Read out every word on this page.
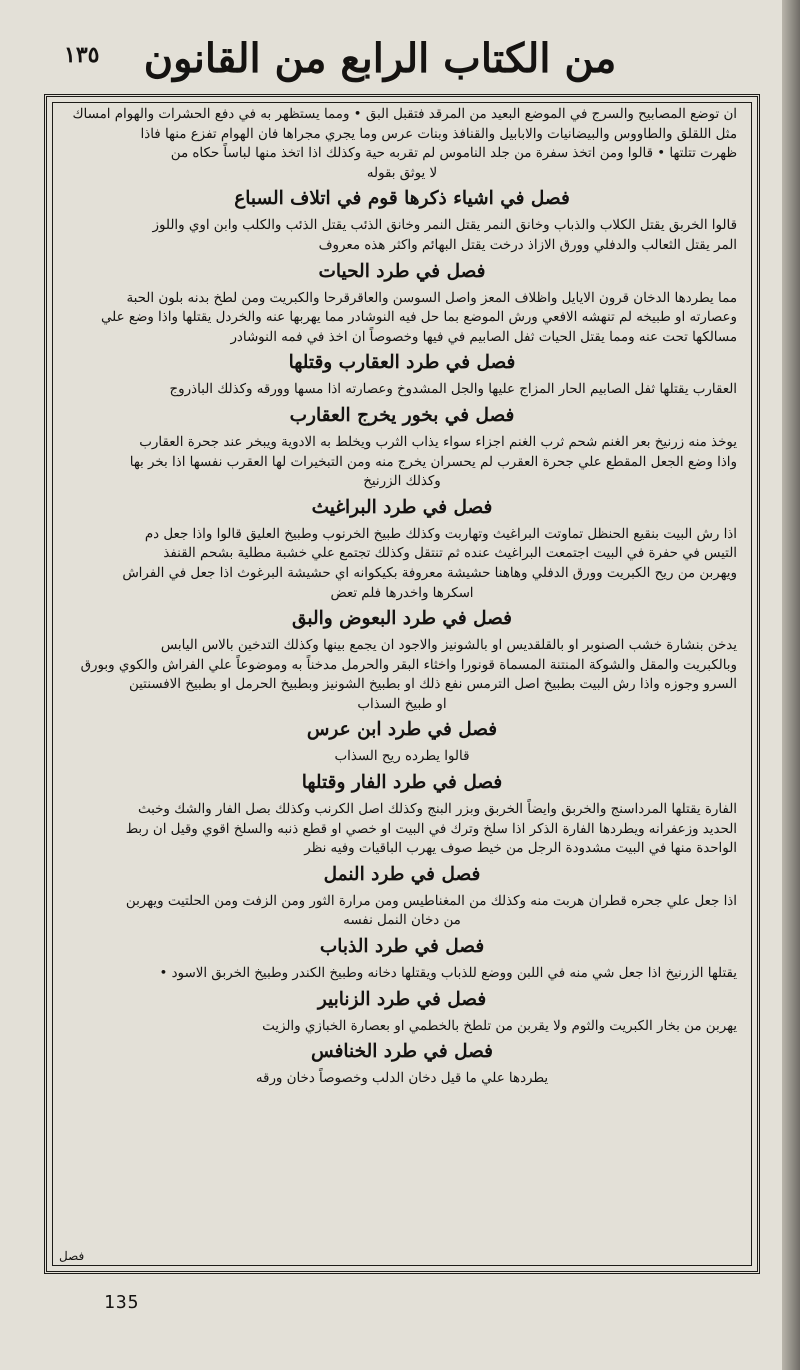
من الكتاب الرابع من القانون
١٣٥

ان توضع المصابيح والسرج في الموضع البعيد من المرقد فتقبل البق • ومما يستظهر به في دفع الحشرات والهوام امساك

مثل اللقلق والطاووس والبيضانيات والابابيل والقنافذ وبنات عرس وما يجري مجراها فان الهوام تفزع منها فاذا

ظهرت تتلتها • قالوا ومن اتخذ سفرة من جلد الناموس لم تقربه حية وكذلك اذا اتخذ منها لباساً حكاه من

لا يوثق بقوله

فصل في اشياء ذكرها قوم في اتلاف السباع

قالوا الخربق يقتل الكلاب والذباب وخانق النمر يقتل النمر وخانق الذئب يقتل الذئب والكلب وابن اوي واللوز

المر يقتل الثعالب والدفلي وورق الازاذ درخت يقتل البهائم واكثر هذه معروف

فصل في طرد الحيات

مما يطردها الدخان قرون الايايل واظلاف المعز واصل السوسن والعاقرقرحا والكبريت ومن لطخ بدنه بلون الحبة

وعصارته او طبيخه لم تنهشه الافعي ورش الموضع بما حل فيه النوشادر مما يهربها عنه والخردل يقتلها واذا وضع علي

مسالكها تحت عنه ومما يقتل الحيات ثفل الصابيم في فيها وخصوصاً ان اخذ في فمه النوشادر

فصل في طرد العقارب وقتلها

العقارب يقتلها ثفل الصابيم الحار المزاج عليها والجل المشدوخ وعصارته اذا مسها وورقه وكذلك الباذروج

فصل في بخور يخرج العقارب

يوخذ منه زرنيخ بعر الغنم شحم ثرب الغنم اجزاء سواء يذاب الثرب ويخلط به الادوية ويبخر عند جحرة العقارب

واذا وضع الجعل المقطع علي جحرة العقرب لم يحسران يخرج منه ومن التبخيرات لها العقرب نفسها اذا بخر بها

وكذلك الزرنيخ

فصل في طرد البراغيث

اذا رش البيت بنقيع الحنظل تماوتت البراغيث وتهاربت وكذلك طبيخ الخرنوب وطبيخ العليق قالوا واذا جعل دم

التيس في حفرة في البيت اجتمعت البراغيث عنده ثم تنتقل وكذلك تجتمع علي خشبة مطلية بشحم القنفذ

ويهربن من ريح الكبريت وورق الدفلي وهاهنا حشيشة معروفة بكيكوانه اي حشيشة البرغوث اذا جعل في الفراش

اسكرها واخدرها فلم تعض

فصل في طرد البعوض والبق

يدخن بنشارة خشب الصنوبر او بالقلقديس او بالشونيز والاجود ان يجمع بينها وكذلك التدخين بالاس اليابس

وبالكبريت والمقل والشوكة المنتنة المسماة قونورا واخثاء البقر والحرمل مدخناً به وموضوعاً علي الفراش والكوي وبورق

السرو وجوزه واذا رش البيت بطبيخ اصل الترمس نفع ذلك او بطبيخ الشونيز وبطبيخ الحرمل او بطبيخ الافسنتين

او طبيخ السذاب

فصل في طرد ابن عرس

قالوا يطرده ريح السذاب

فصل في طرد الفار وقتلها

الفارة يقتلها المرداسنج والخربق وايضاً الخربق وبزر البنج وكذلك اصل الكرنب وكذلك بصل الفار والشك وخبث

الحديد وزعفرانه ويطردها الفارة الذكر اذا سلخ وترك في البيت او خصي او قطع ذنبه والسلخ اقوي وقيل ان ربط

الواحدة منها في البيت مشدودة الرجل من خيط صوف يهرب الباقيات وفيه نظر

فصل في طرد النمل

اذا جعل علي جحره قطران هربت منه وكذلك من المغناطيس ومن مرارة الثور ومن الزفت ومن الحلتيت ويهربن

من دخان النمل نفسه

فصل في طرد الذباب

يقتلها الزرنيخ اذا جعل شي منه في اللبن ووضع للذباب ويقتلها دخانه وطبيخ الكندر وطبيخ الخربق الاسود •

فصل في طرد الزنابير

يهربن من بخار الكبريت والثوم ولا يقربن من تلطخ بالخطمي او بعصارة الخبازي والزيت

فصل في طرد الخنافس

يطردها علي ما قيل دخان الدلب وخصوصاً دخان ورقه

فصل
135
